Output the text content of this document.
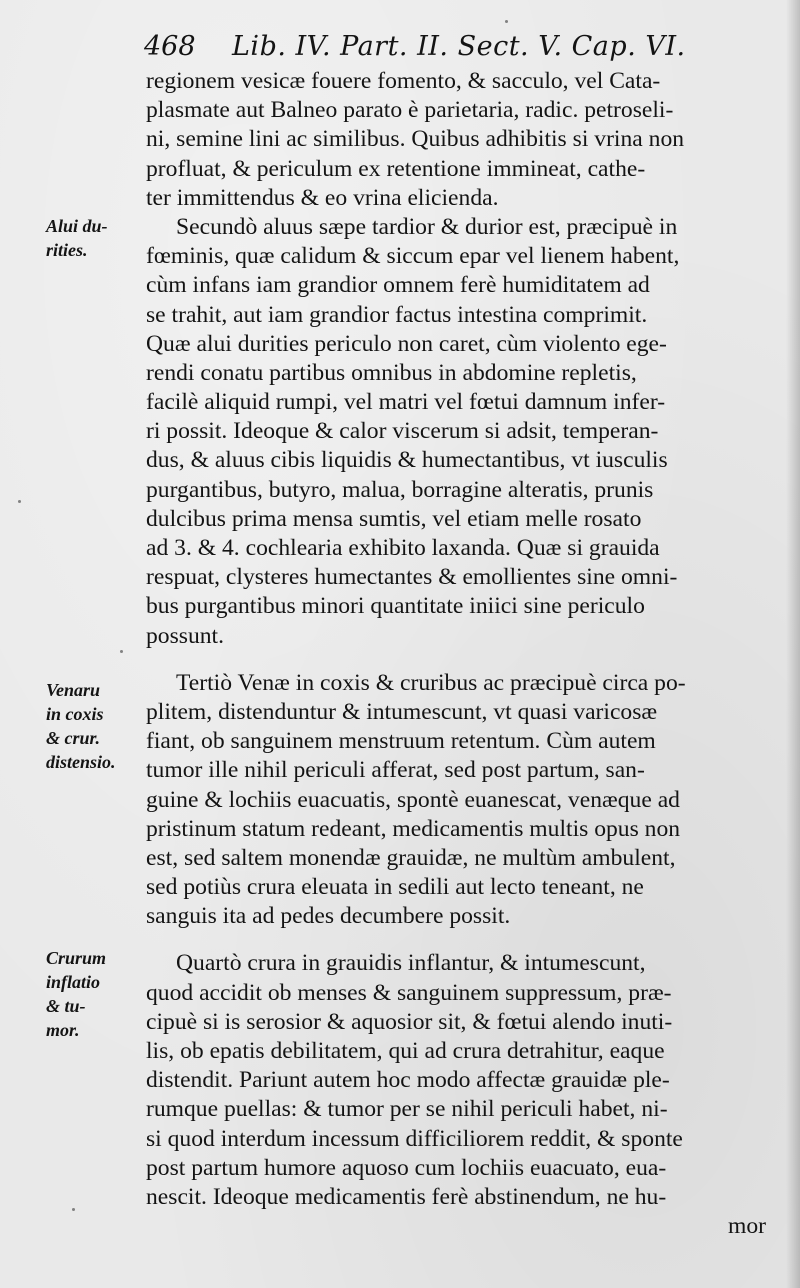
468 Lib. IV. Part. II. Sect. V. Cap. VI.
Alui du-
rities.
Venaru
in coxis
& crur.
distensio.
Crurum
inflatio
& tu-
mor.
regionem vesicæ fouere fomento, & sacculo, vel Cata-
plasmate aut Balneo parato è parietaria, radic. petroseli-
ni, semine lini ac similibus. Quibus adhibitis si vrina non
profluat, & periculum ex retentione immineat, cathe-
ter immittendus & eo vrina elicienda.
Secundò aluus sæpe tardior & durior est, præcipuè in
fœminis, quæ calidum & siccum epar vel lienem habent,
cùm infans iam grandior omnem ferè humiditatem ad
se trahit, aut iam grandior factus intestina comprimit.
Quæ alui durities periculo non caret, cùm violento ege-
rendi conatu partibus omnibus in abdomine repletis,
facilè aliquid rumpi, vel matri vel fœtui damnum infer-
ri possit. Ideoque & calor viscerum si adsit, temperan-
dus, & aluus cibis liquidis & humectantibus, vt iusculis
purgantibus, butyro, malua, borragine alteratis, prunis
dulcibus prima mensa sumtis, vel etiam melle rosato
ad 3. & 4. cochlearia exhibito laxanda. Quæ si grauida
respuat, clysteres humectantes & emollientes sine omni-
bus purgantibus minori quantitate iniici sine periculo
possunt.
Tertiò Venæ in coxis & cruribus ac præcipuè circa po-
plitem, distenduntur & intumescunt, vt quasi varicosæ
fiant, ob sanguinem menstruum retentum. Cùm autem
tumor ille nihil periculi afferat, sed post partum, san-
guine & lochiis euacuatis, spontè euanescat, venæque ad
pristinum statum redeant, medicamentis multis opus non
est, sed saltem monendæ grauidæ, ne multùm ambulent,
sed potiùs crura eleuata in sedili aut lecto teneant, ne
sanguis ita ad pedes decumbere possit.
Quartò crura in grauidis inflantur, & intumescunt,
quod accidit ob menses & sanguinem suppressum, præ-
cipuè si is serosior & aquosior sit, & fœtui alendo inuti-
lis, ob epatis debilitatem, qui ad crura detrahitur, eaque
distendit. Pariunt autem hoc modo affectæ grauidæ ple-
rumque puellas: & tumor per se nihil periculi habet, ni-
si quod interdum incessum difficiliorem reddit, & sponte
post partum humore aquoso cum lochiis euacuato, eua-
nescit. Ideoque medicamentis ferè abstinendum, ne hu-
mor
